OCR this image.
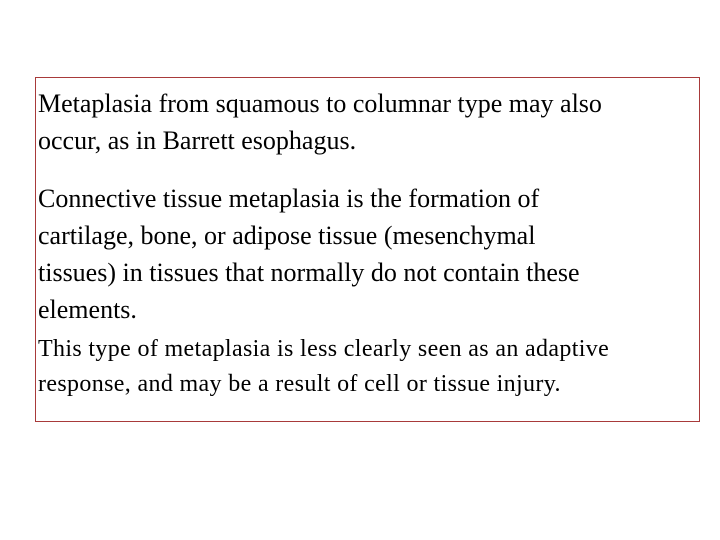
Metaplasia from squamous to columnar type may also
occur, as in Barrett esophagus.

Connective tissue metaplasia is the formation of
cartilage, bone, or adipose tissue (mesenchymal
tissues) in tissues that normally do not contain these
elements.

This type of metaplasia is less clearly seen as an adaptive
response, and may be a result of cell or tissue injury.
